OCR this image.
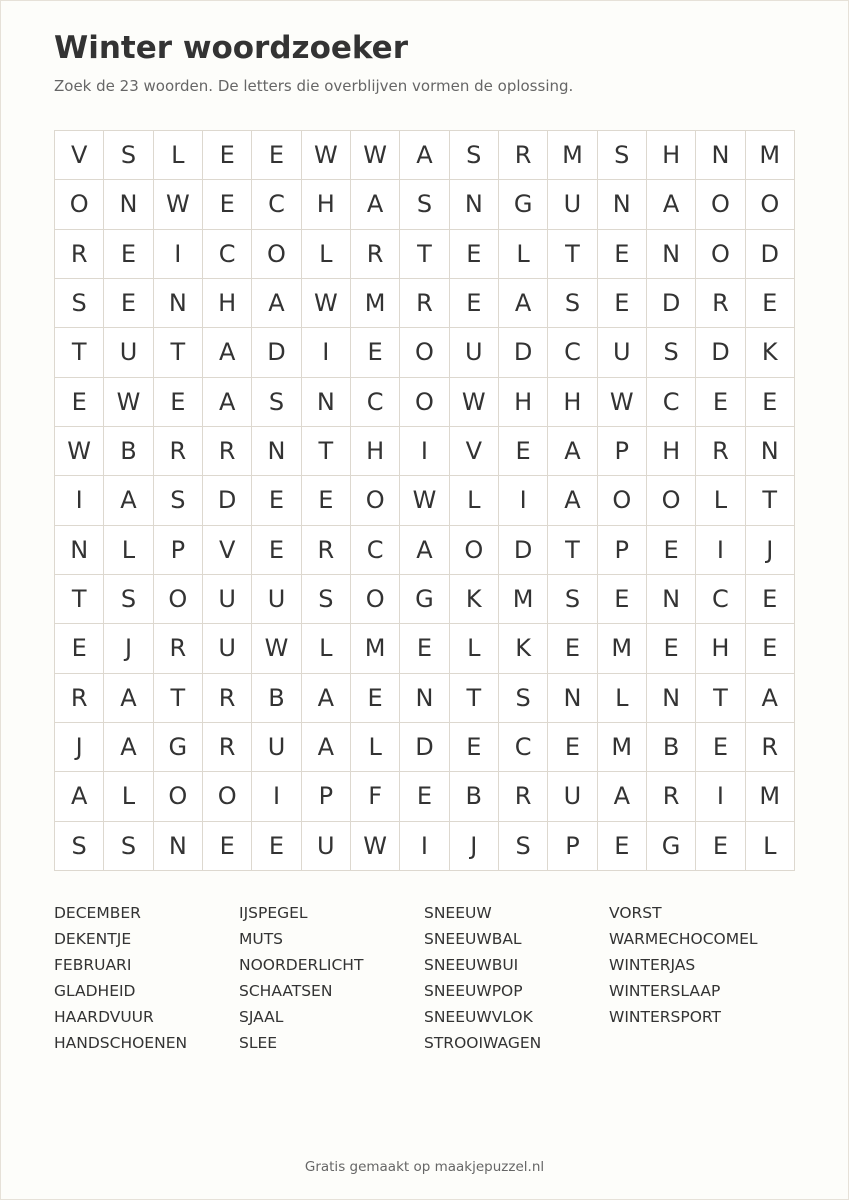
Winter woordzoeker
Zoek de 23 woorden. De letters die overblijven vormen de oplossing.
V	S	L	E	E	W	W	A	S	R	M	S	H	N	M
O	N	W	E	C	H	A	S	N	G	U	N	A	O	O
R	E	I	C	O	L	R	T	E	L	T	E	N	O	D
S	E	N	H	A	W	M	R	E	A	S	E	D	R	E
T	U	T	A	D	I	E	O	U	D	C	U	S	D	K
E	W	E	A	S	N	C	O	W	H	H	W	C	E	E
W	B	R	R	N	T	H	I	V	E	A	P	H	R	N
I	A	S	D	E	E	O	W	L	I	A	O	O	L	T
N	L	P	V	E	R	C	A	O	D	T	P	E	I	J
T	S	O	U	U	S	O	G	K	M	S	E	N	C	E
E	J	R	U	W	L	M	E	L	K	E	M	E	H	E
R	A	T	R	B	A	E	N	T	S	N	L	N	T	A
J	A	G	R	U	A	L	D	E	C	E	M	B	E	R
A	L	O	O	I	P	F	E	B	R	U	A	R	I	M
S	S	N	E	E	U	W	I	J	S	P	E	G	E	L
DECEMBER
DEKENTJE
FEBRUARI
GLADHEID
HAARDVUUR
HANDSCHOENEN
IJSPEGEL
MUTS
NOORDERLICHT
SCHAATSEN
SJAAL
SLEE
SNEEUW
SNEEUWBAL
SNEEUWBUI
SNEEUWPOP
SNEEUWVLOK
STROOIWAGEN
VORST
WARMECHOCOMEL
WINTERJAS
WINTERSLAAP
WINTERSPORT
Gratis gemaakt op maakjepuzzel.nl
